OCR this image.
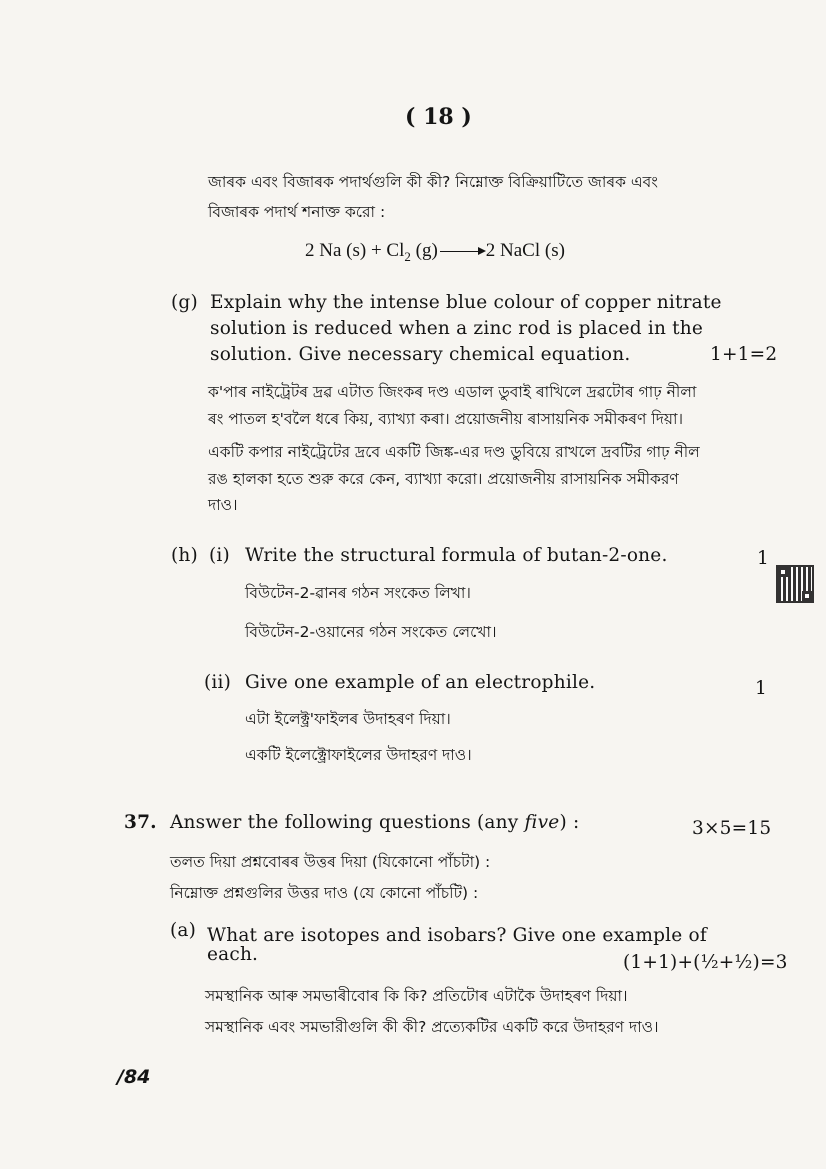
( 18 )
জাৰক এবং বিজাৰক পদাৰ্থগুলি কী কী? নিম্নোক্ত বিক্রিয়াটিতে জাৰক এবং
বিজাৰক পদাৰ্থ শনাক্ত করো :
2 Na $(s) + Cl_2$ (g) → 2 NaCl (s)
(g) Explain why the intense blue colour of copper nitrate
solution is reduced when a zinc rod is placed in the
solution. Give necessary chemical equation.	1+1=2
ক'পাৰ নাইট্ৰেটৰ দ্ৰৱ এটাত জিংকৰ দণ্ড এডাল ডুবাই ৰাখিলে দ্ৰৱটোৰ গাঢ় নীলা
ৰং পাতল হ'বলৈ ধৰে কিয়, ব্যাখ্যা কৰা। প্ৰয়োজনীয় ৰাসায়নিক সমীকৰণ দিয়া।
একটি কপার নাইট্রেটের দ্রবে একটি জিঙ্ক-এর দণ্ড ডুবিয়ে রাখলে দ্রবটির গাঢ় নীল
রঙ হালকা হতে শুরু করে কেন, ব্যাখ্যা করো। প্রয়োজনীয় রাসায়নিক সমীকরণ
দাও।
(h) (i) Write the structural formula of butan-2-one.	1
বিউটেন-2-ৱানৰ গঠন সংকেত লিখা।
বিউটেন-2-ওয়ানের গঠন সংকেত লেখো।
(ii) Give one example of an electrophile.	1
এটা ইলেক্ট্ৰ'ফাইলৰ উদাহৰণ দিয়া।
একটি ইলেক্ট্রোফাইলের উদাহরণ দাও।
37. Answer the following questions (any five) :	3×5=15
তলত দিয়া প্ৰশ্নবোৰৰ উত্তৰ দিয়া (যিকোনো পাঁচটা) :
নিম্নোক্ত প্রশ্নগুলির উত্তর দাও (যে কোনো পাঁচটি) :
(a) What are isotopes and isobars? Give one example of
each.	(1+1)+(½+½)=3
সমস্থানিক আৰু সমভাৰীবোৰ কি কি? প্ৰতিটোৰ এটাকৈ উদাহৰণ দিয়া।
সমস্থানিক এবং সমভারীগুলি কী কী? প্রত্যেকটির একটি করে উদাহরণ দাও।
/84
